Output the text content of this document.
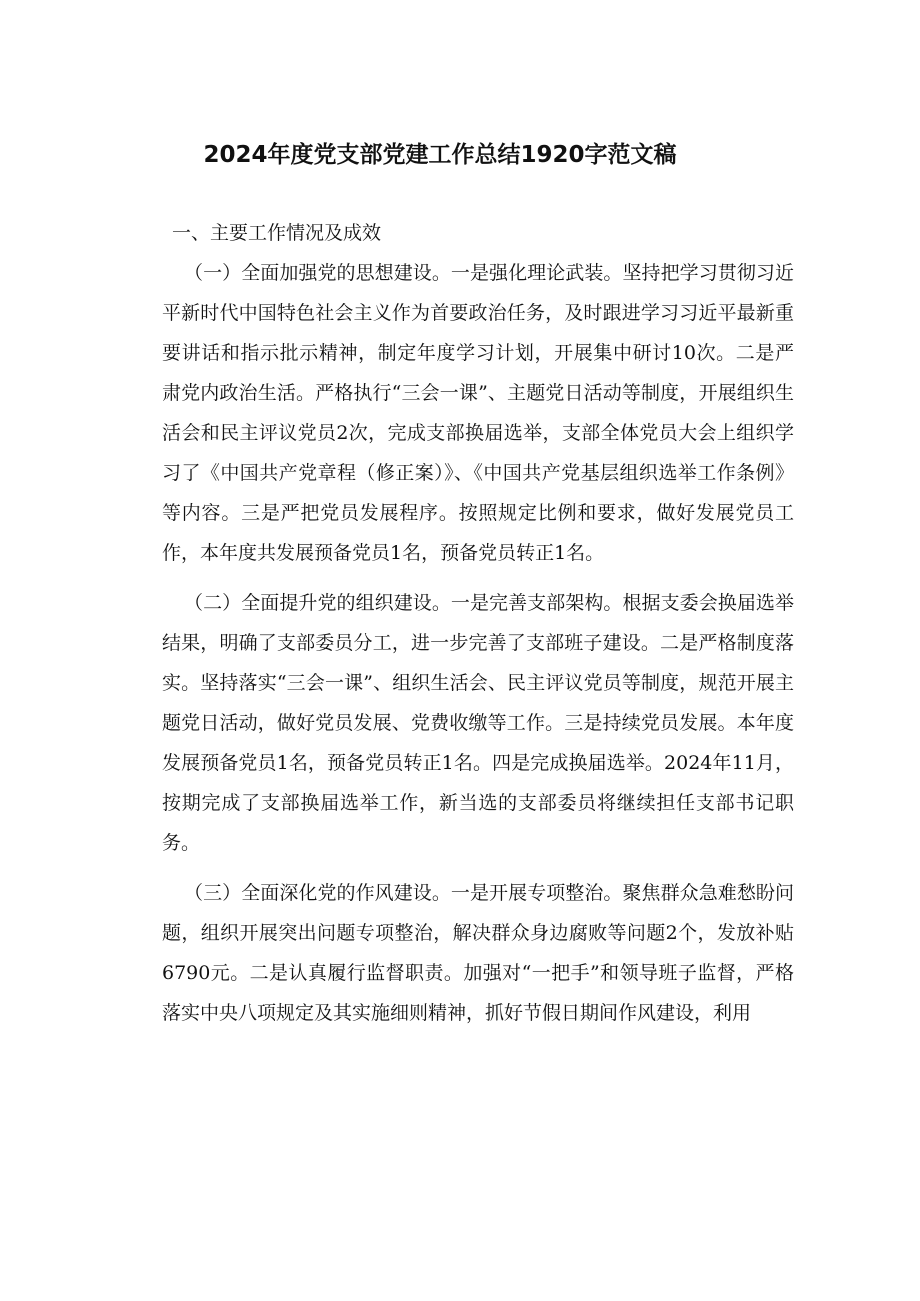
2024年度党支部党建工作总结1920字范文稿
一、主要工作情况及成效

（一）全面加强党的思想建设。一是强化理论武装。坚持把学习贯彻习近平新时代中国特色社会主义作为首要政治任务，及时跟进学习习近平最新重要讲话和指示批示精神，制定年度学习计划，开展集中研讨10次。二是严肃党内政治生活。严格执行“三会一课”、主题党日活动等制度，开展组织生活会和民主评议党员2次，完成支部换届选举，支部全体党员大会上组织学习了《中国共产党章程（修正案）》、《中国共产党基层组织选举工作条例》等内容。三是严把党员发展程序。按照规定比例和要求，做好发展党员工作，本年度共发展预备党员1名，预备党员转正1名。

（二）全面提升党的组织建设。一是完善支部架构。根据支委会换届选举结果，明确了支部委员分工，进一步完善了支部班子建设。二是严格制度落实。坚持落实“三会一课”、组织生活会、民主评议党员等制度，规范开展主题党日活动，做好党员发展、党费收缴等工作。三是持续党员发展。本年度发展预备党员1名，预备党员转正1名。四是完成换届选举。2024年11月，按期完成了支部换届选举工作，新当选的支部委员将继续担任支部书记职务。

（三）全面深化党的作风建设。一是开展专项整治。聚焦群众急难愁盼问题，组织开展突出问题专项整治，解决群众身边腐败等问题2个，发放补贴6790元。二是认真履行监督职责。加强对“一把手”和领导班子监督，严格落实中央八项规定及其实施细则精神，抓好节假日期间作风建设，利用
